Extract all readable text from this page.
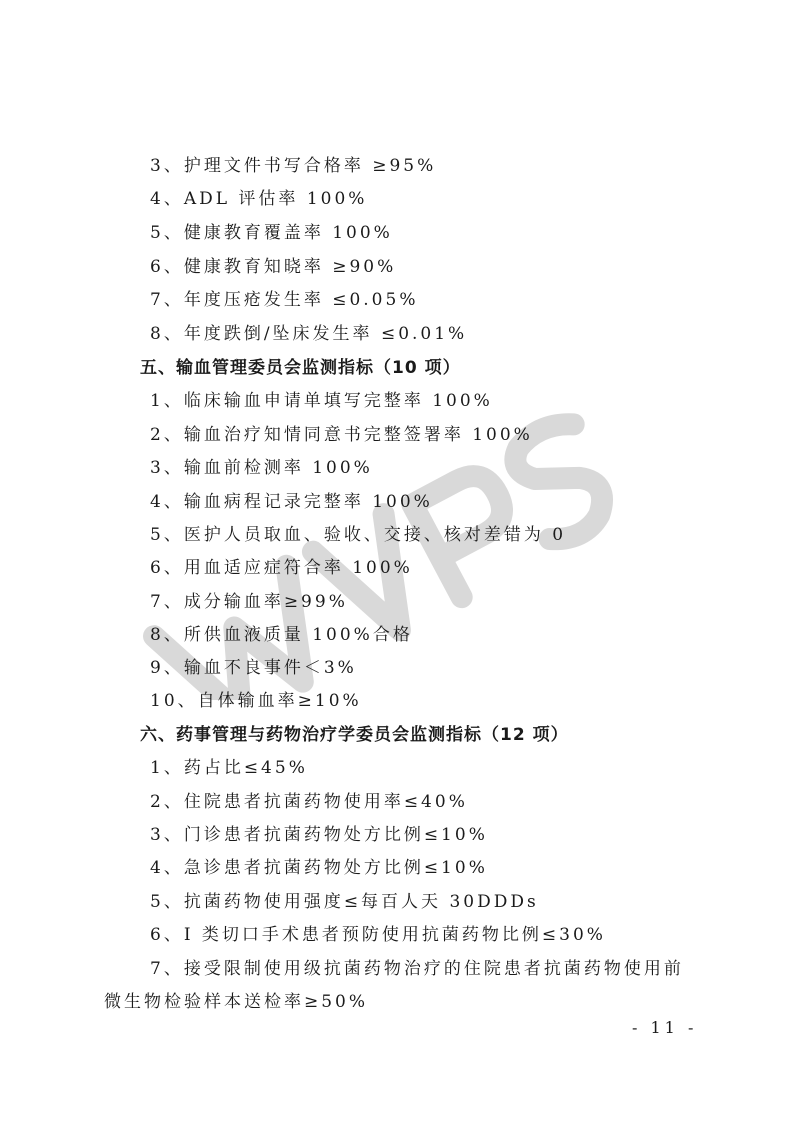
3、护理文件书写合格率 ≥95%
4、ADL 评估率 100%
5、健康教育覆盖率 100%
6、健康教育知晓率 ≥90%
7、年度压疮发生率 ≤0.05%
8、年度跌倒/坠床发生率 ≤0.01%
五、输血管理委员会监测指标（10 项）
1、临床输血申请单填写完整率 100%
2、输血治疗知情同意书完整签署率 100%
3、输血前检测率 100%
4、输血病程记录完整率 100%
5、医护人员取血、验收、交接、核对差错为 0
6、用血适应症符合率 100%
7、成分输血率≥99%
8、所供血液质量 100%合格
9、输血不良事件＜3%
10、自体输血率≥10%
六、药事管理与药物治疗学委员会监测指标（12 项）
1、药占比≤45%
2、住院患者抗菌药物使用率≤40%
3、门诊患者抗菌药物处方比例≤10%
4、急诊患者抗菌药物处方比例≤10%
5、抗菌药物使用强度≤每百人天 30DDDs
6、I 类切口手术患者预防使用抗菌药物比例≤30%
7、接受限制使用级抗菌药物治疗的住院患者抗菌药物使用前
微生物检验样本送检率≥50%
- 11 -
